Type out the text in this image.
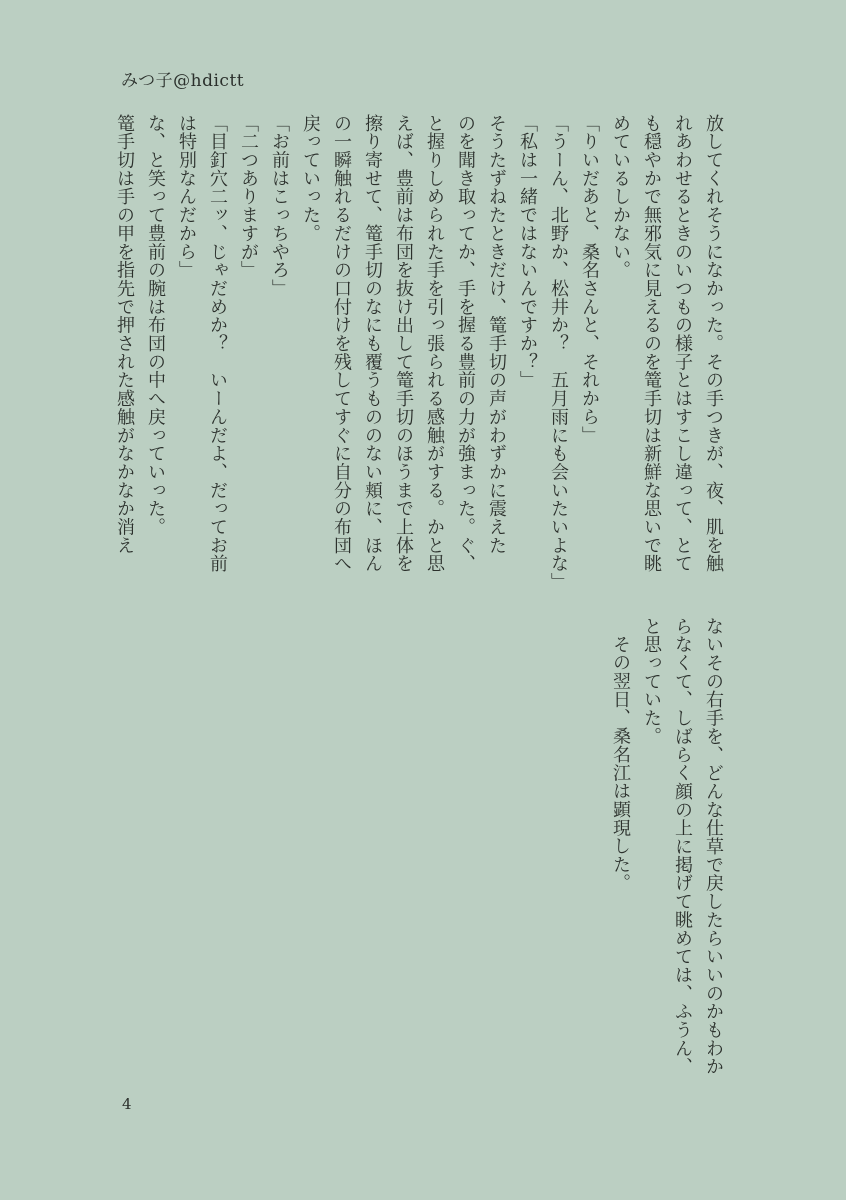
みつ子@hdictt
放してくれそうになかった。その手つきが、夜、肌を触
れあわせるときのいつもの様子とはすこし違って、とて
も穏やかで無邪気に見えるのを篭手切は新鮮な思いで眺
めているしかない。
「りいだあと、桑名さんと、それから」
「うーん、北野か、松井か？　五月雨にも会いたいよな」
「私は一緒ではないんですか？」
そうたずねたときだけ、篭手切の声がわずかに震えた
のを聞き取ってか、手を握る豊前の力が強まった。ぐ、
と握りしめられた手を引っ張られる感触がする。かと思
えば、豊前は布団を抜け出して篭手切のほうまで上体を
擦り寄せて、篭手切のなにも覆うもののない頬に、ほん
の一瞬触れるだけの口付けを残してすぐに自分の布団へ
戻っていった。
「お前はこっちやろ」
「二つありますが」
「目釘穴二ッ、じゃだめか？　いーんだよ、だってお前
は特別なんだから」
な、と笑って豊前の腕は布団の中へ戻っていった。
篭手切は手の甲を指先で押された感触がなかなか消え
ないその右手を、どんな仕草で戻したらいいのかもわか
らなくて、しばらく顔の上に掲げて眺めては、ふうん、
と思っていた。
その翌日、桑名江は顕現した。
4
